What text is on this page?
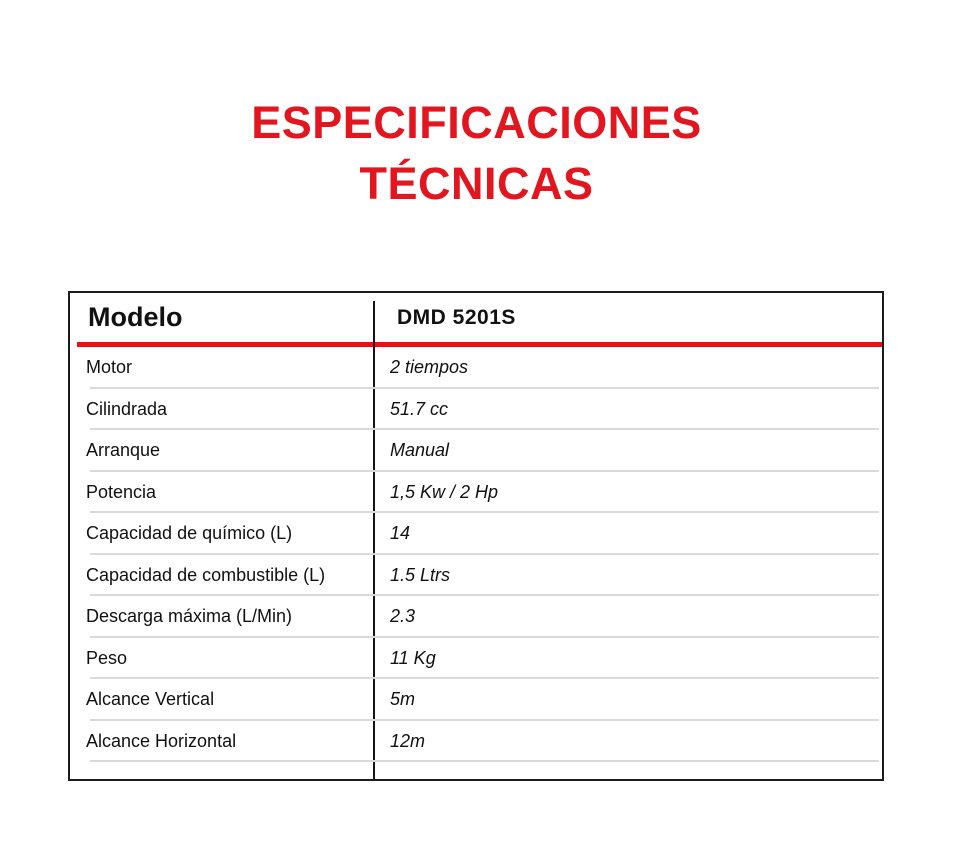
ESPECIFICACIONES
TÉCNICAS
Modelo	DMD 5201S
Motor	2 tiempos
Cilindrada	51.7 cc
Arranque	Manual
Potencia	1,5 Kw / 2 Hp
Capacidad de químico (L)	14
Capacidad de combustible (L)	1.5 Ltrs
Descarga máxima (L/Min)	2.3
Peso	11 Kg
Alcance Vertical	5m
Alcance Horizontal	12m
